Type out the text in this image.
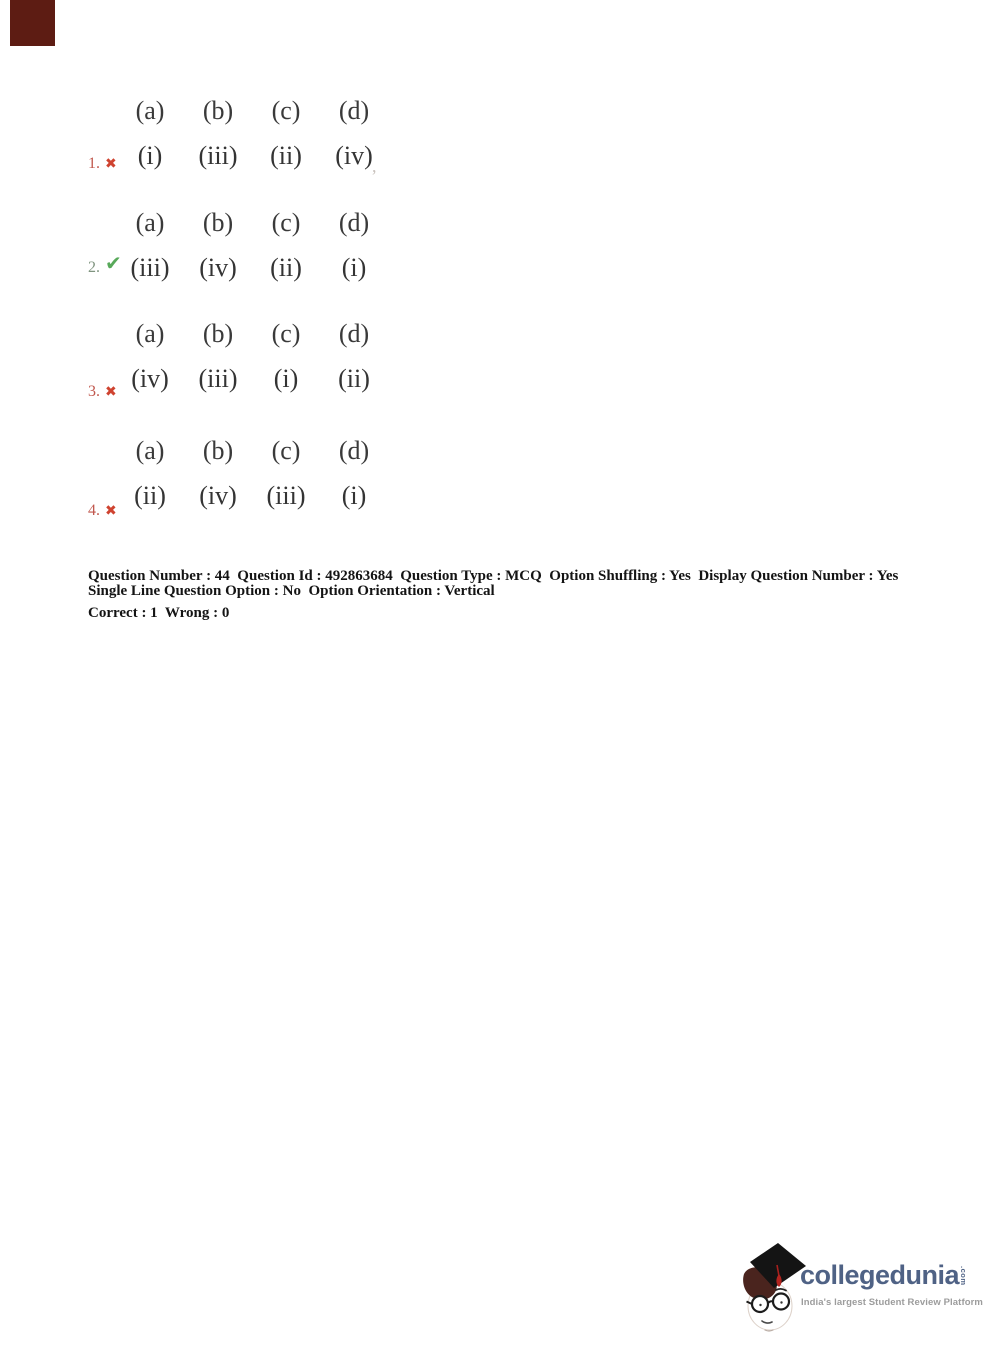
(a)	(b)	(c)	(d)
(i)	(iii)	(ii)	(iv)
1. ✖	,
(a)	(b)	(c)	(d)
(iii)	(iv)	(ii)	(i)
2. ✔
(a)	(b)	(c)	(d)
(iv)	(iii)	(i)	(ii)
3. ✖
(a)	(b)	(c)	(d)
(ii)	(iv)	(iii)	(i)
4. ✖
Question Number : 44  Question Id : 492863684  Question Type : MCQ  Option Shuffling : Yes  Display Question Number : Yes
Single Line Question Option : No  Option Orientation : Vertical
Correct : 1  Wrong : 0
collegedunia .com
India's largest Student Review Platform
